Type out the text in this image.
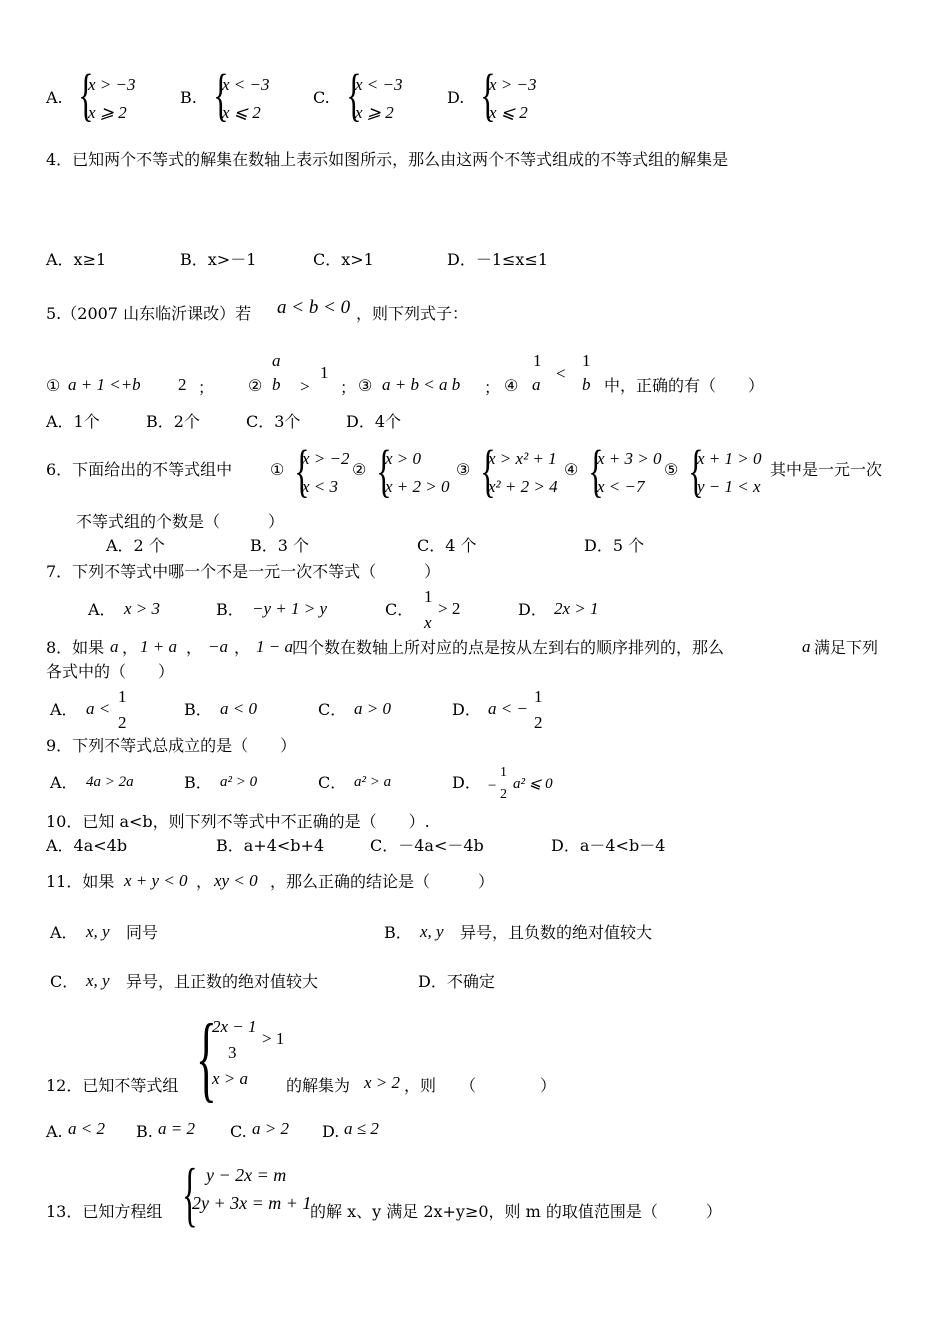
A. {
x > −3
x ⩾ 2
B. {
x < −3
x ⩽ 2
C. {
x < −3
x ⩾ 2
D. {
x > −3
x ⩽ 2
4．已知两个不等式的解集在数轴上表示如图所示，那么由这两个不等式组成的不等式组的解集是
A．x≥1	B．x>－1	C．x>1	D．－1≤x≤1
5.（2007 山东临沂课改）若 a < b < 0 ，则下列式子：
① a + 1 <+b 2 ； ②
a
b >
1
； ③ a + b < a b ； ④
1
a
<
1
b 中，正确的有（　　）
A．1个	B．2个	C．3个	D．4个
6．下面给出的不等式组中 ① {
x > −2
x < 3
② {
x > 0
x + 2 > 0
③ {
x > x² + 1
x² + 2 > 4
④ {
x + 3 > 0
x < −7
⑤ {
x + 1 > 0
y − 1 < x
其中是一元一次
不等式组的个数是（　　　）
A．2 个	B．3 个	C．4 个	D．5 个
7．下列不等式中哪一个不是一元一次不等式（　　　）
A． x > 3	B． −y + 1 > y	C．
1
x
> 2	D． 2x > 1
8．如果 a ， 1 + a ， −a ， 1 − a 四个数在数轴上所对应的点是按从左到右的顺序排列的，那么	a 满足下列
各式中的（　　）
A． a <
1
2
B． a < 0	C． a > 0	D． a < −
1
2
9．下列不等式总成立的是（　　）
A． 4a > 2a	B． a² > 0	C． a² > a	D． −
1
2
a² ⩽ 0
10．已知 a<b，则下列不等式中不正确的是（　　）.
A．4a<4b	B．a+4<b+4	C．－4a<－4b	D．a－4<b－4
11．如果 x + y < 0 ， xy < 0 ，那么正确的结论是（　　　）
A． x, y 同号	B． x, y 异号，且负数的绝对值较大
C． x, y 异号，且正数的绝对值较大	D．不确定
{
2x − 1
3
> 1
x > a
12．已知不等式组	的解集为 x > 2 ，则　　（　　　　）
A. a < 2 B. a = 2 C. a > 2 D. a ≤ 2
13．已知方程组 { y − 2x = m
2y + 3x = m + 1
的解 x、y 满足 2x+y≥0，则 m 的取值范围是（　　　）
